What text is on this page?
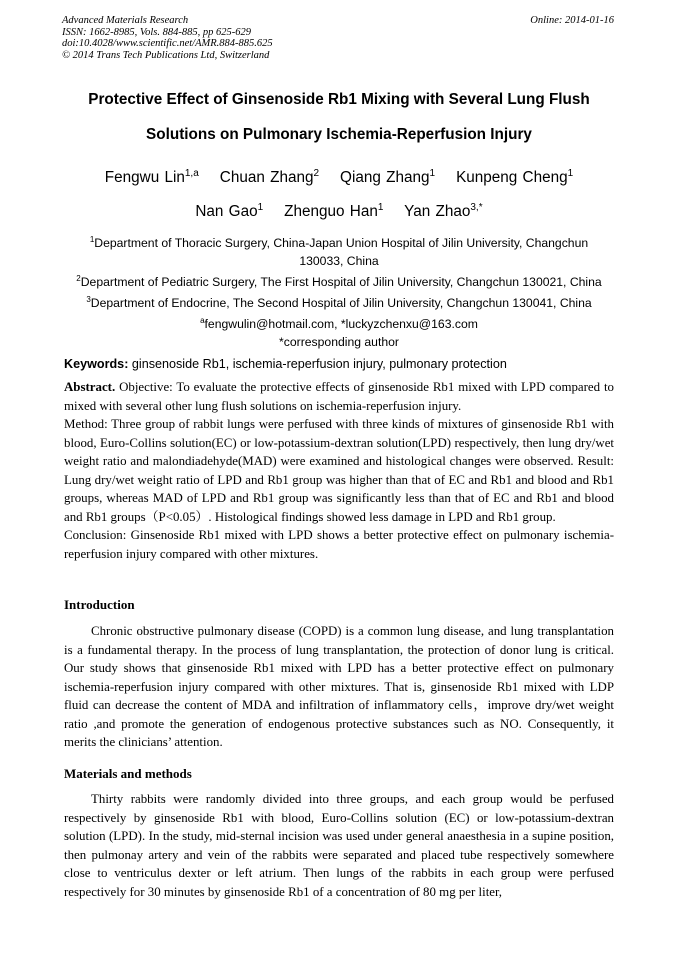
Advanced Materials Research
ISSN: 1662-8985, Vols. 884-885, pp 625-629
doi:10.4028/www.scientific.net/AMR.884-885.625
© 2014 Trans Tech Publications Ltd, Switzerland
Online: 2014-01-16
Protective Effect of Ginsenoside Rb1 Mixing with Several Lung Flush
Solutions on Pulmonary Ischemia-Reperfusion Injury
Fengwu Lin$^{1,a}$ Chuan Zhang$^2$ Qiang Zhang$^1$ Kunpeng Cheng$^1$
Nan Gao$^1$ Zhenguo Han$^1$ Yan Zhao$^{3,*}$
$^1$Department of Thoracic Surgery, China-Japan Union Hospital of Jilin University, Changchun
130033, China
$^2$Department of Pediatric Surgery, The First Hospital of Jilin University, Changchun 130021, China
$^3$Department of Endocrine, The Second Hospital of Jilin University, Changchun 130041, China
$^a$fengwulin@hotmail.com, *luckyzchenxu@163.com
*corresponding author
Keywords: ginsenoside Rb1, ischemia-reperfusion injury, pulmonary protection

Abstract. Objective: To evaluate the protective effects of ginsenoside Rb1 mixed with LPD compared to mixed with several other lung flush solutions on ischemia-reperfusion injury.

Method: Three group of rabbit lungs were perfused with three kinds of mixtures of ginsenoside Rb1 with blood, Euro-Collins solution(EC) or low-potassium-dextran solution(LPD) respectively, then lung dry/wet weight ratio and malondiadehyde(MAD) were examined and histological changes were observed. Result: Lung dry/wet weight ratio of LPD and Rb1 group was higher than that of EC and Rb1 and blood and Rb1 groups, whereas MAD of LPD and Rb1 group was significantly less than that of EC and Rb1 and blood and Rb1 groups（P<0.05）. Histological findings showed less damage in LPD and Rb1 group.

Conclusion: Ginsenoside Rb1 mixed with LPD shows a better protective effect on pulmonary ischemia-reperfusion injury compared with other mixtures.

Introduction

Chronic obstructive pulmonary disease (COPD) is a common lung disease, and lung transplantation is a fundamental therapy. In the process of lung transplantation, the protection of donor lung is critical. Our study shows that ginsenoside Rb1 mixed with LPD has a better protective effect on pulmonary ischemia-reperfusion injury compared with other mixtures. That is, ginsenoside Rb1 mixed with LDP fluid can decrease the content of MDA and infiltration of inflammatory cells，improve dry/wet weight ratio ,and promote the generation of endogenous protective substances such as NO. Consequently, it merits the clinicians’ attention.

Materials and methods

Thirty rabbits were randomly divided into three groups, and each group would be perfused respectively by ginsenoside Rb1 with blood, Euro-Collins solution (EC) or low-potassium-dextran solution (LPD). In the study, mid-sternal incision was used under general anaesthesia in a supine position, then pulmonay artery and vein of the rabbits were separated and placed tube respectively somewhere close to ventriculus dexter or left atrium. Then lungs of the rabbits in each group were perfused respectively for 30 minutes by ginsenoside Rb1 of a concentration of 80 mg per liter,
